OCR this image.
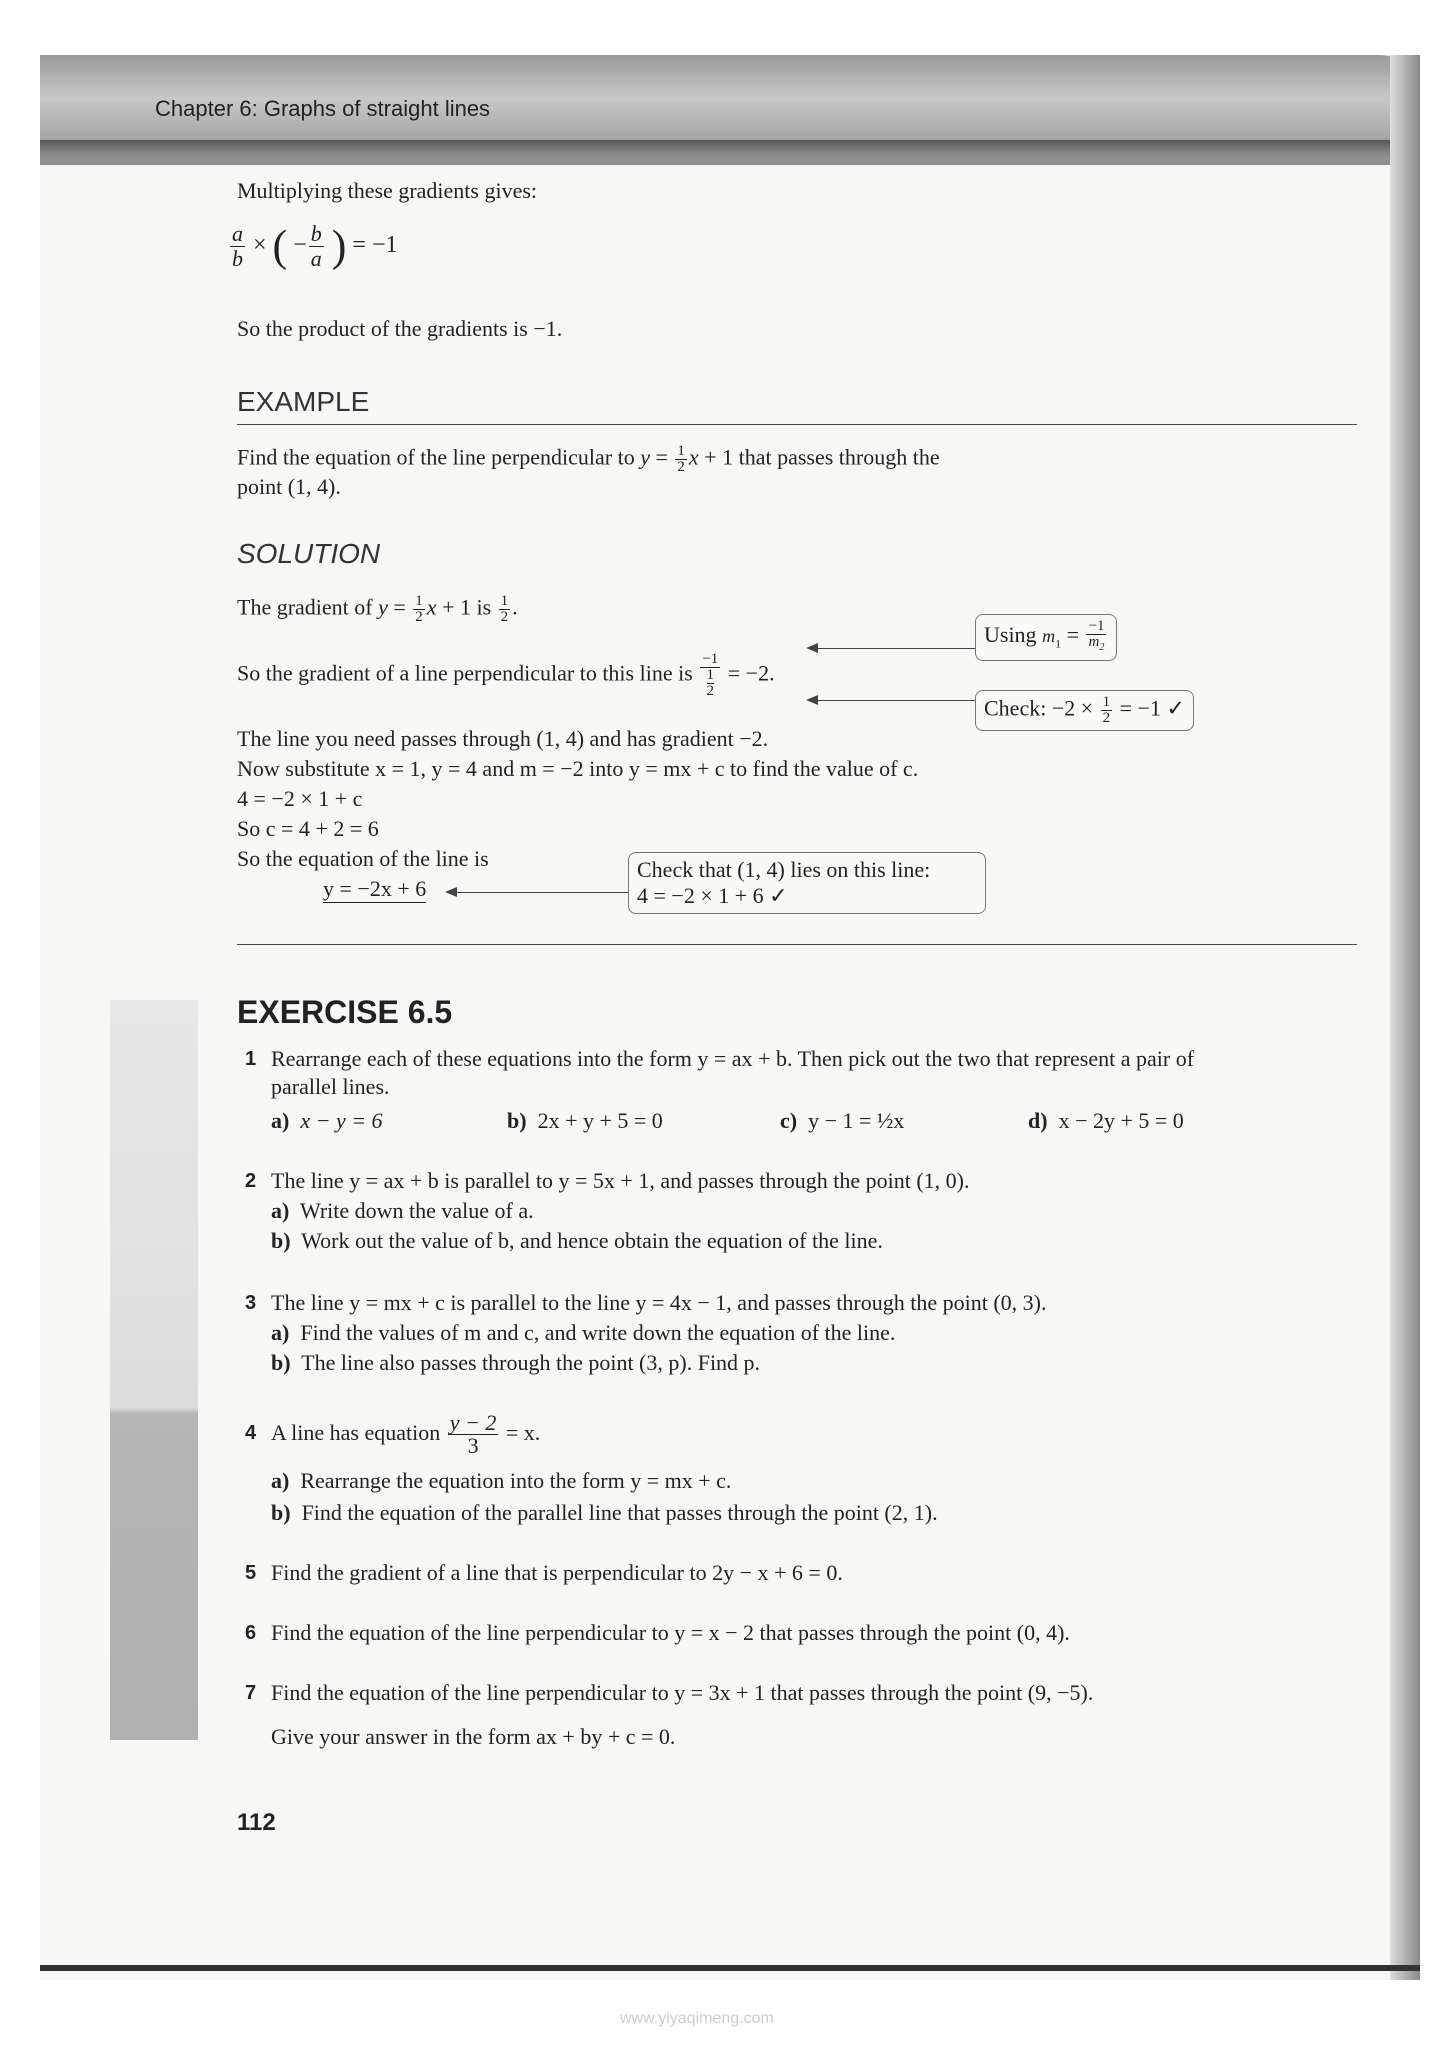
Chapter 6: Graphs of straight lines
Multiplying these gradients gives:
$\frac{a}{b}$ × ( − $\frac{b}{a}$ ) = −1
So the product of the gradients is −1.
EXAMPLE
Find the equation of the line perpendicular to $y = \frac{1}{2}$ x + 1 that passes through the
point (1, 4).
SOLUTION
The gradient of $y = \frac{1}{2}$ x + 1 is $\frac{1}{2}$ .
So the gradient of a line perpendicular to this line is
−1
1
2
= −2.
The line you need passes through (1, 4) and has gradient −2.
Now substitute x = 1, y = 4 and m = −2 into y = mx + c to find the value of c.
4 = −2 × 1 + c
So c = 4 + 2 = 6
So the equation of the line is
y = −2x + 6
Using $m_1 = \frac{-1}{m_2}$
Check: $-2 \times \frac{1}{2} = -1$ ✓
Check that (1, 4) lies on this line:
4 = −2 × 1 + 6 ✓
EXERCISE 6.5
1 Rearrange each of these equations into the form y = ax + b. Then pick out the two that represent a pair of
parallel lines.
a) x − y = 6	b) 2x + y + 5 = 0	c) y − 1 = ½x	d) x − 2y + 5 = 0
2 The line y = ax + b is parallel to y = 5x + 1, and passes through the point (1, 0).
a) Write down the value of a.
b) Work out the value of b, and hence obtain the equation of the line.
3 The line y = mx + c is parallel to the line y = 4x − 1, and passes through the point (0, 3).
a) Find the values of m and c, and write down the equation of the line.
b) The line also passes through the point (3, p). Find p.
4 A line has equation $\frac{y - 2}{3} = x$.
a) Rearrange the equation into the form y = mx + c.
b) Find the equation of the parallel line that passes through the point (2, 1).
5 Find the gradient of a line that is perpendicular to 2y − x + 6 = 0.
6 Find the equation of the line perpendicular to y = x − 2 that passes through the point (0, 4).
7 Find the equation of the line perpendicular to y = 3x + 1 that passes through the point (9, −5).
Give your answer in the form ax + by + c = 0.
112
www.yiyaqimeng.com
